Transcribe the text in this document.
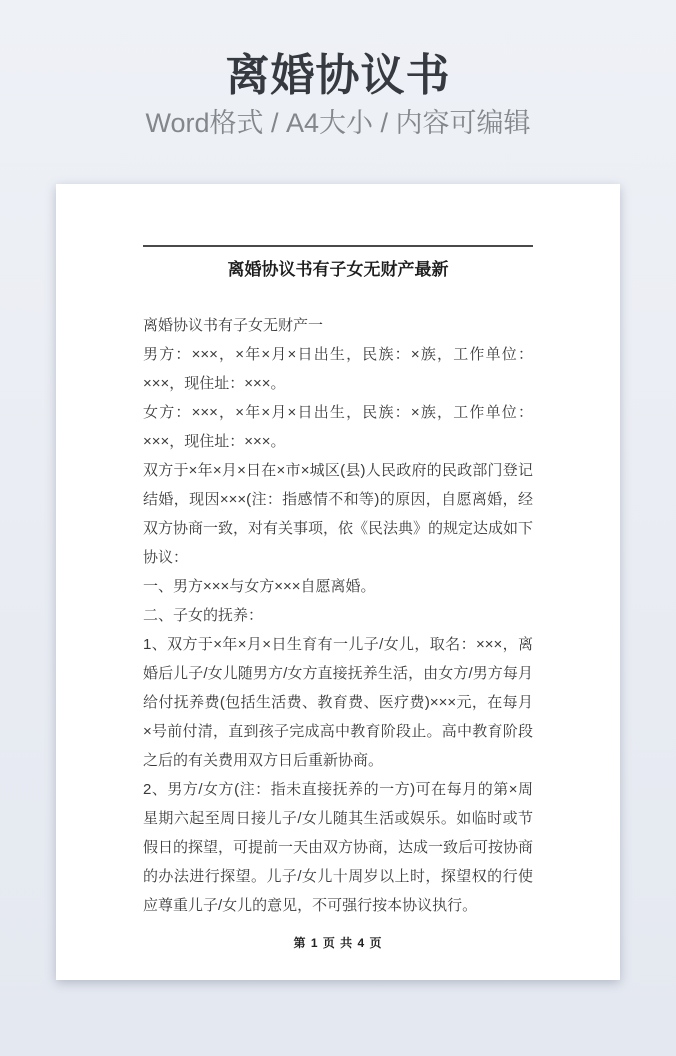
离婚协议书
Word格式 / A4大小 / 内容可编辑
离婚协议书有子女无财产最新

离婚协议书有子女无财产一

男方：×××，×年×月×日出生，民族：×族，工作单位：×××，现住址：×××。

女方：×××，×年×月×日出生，民族：×族，工作单位：×××，现住址：×××。

双方于×年×月×日在×市×城区(县)人民政府的民政部门登记结婚，现因×××(注：指感情不和等)的原因，自愿离婚，经双方协商一致，对有关事项，依《民法典》的规定达成如下协议：

一、男方×××与女方×××自愿离婚。

二、子女的抚养：

1、双方于×年×月×日生育有一儿子/女儿，取名：×××，离婚后儿子/女儿随男方/女方直接抚养生活，由女方/男方每月给付抚养费(包括生活费、教育费、医疗费)×××元，在每月×号前付清，直到孩子完成高中教育阶段止。高中教育阶段之后的有关费用双方日后重新协商。

2、男方/女方(注：指未直接抚养的一方)可在每月的第×周星期六起至周日接儿子/女儿随其生活或娱乐。如临时或节假日的探望，可提前一天由双方协商，达成一致后可按协商的办法进行探望。儿子/女儿十周岁以上时，探望权的行使应尊重儿子/女儿的意见，不可强行按本协议执行。

第 1 页 共 4 页
